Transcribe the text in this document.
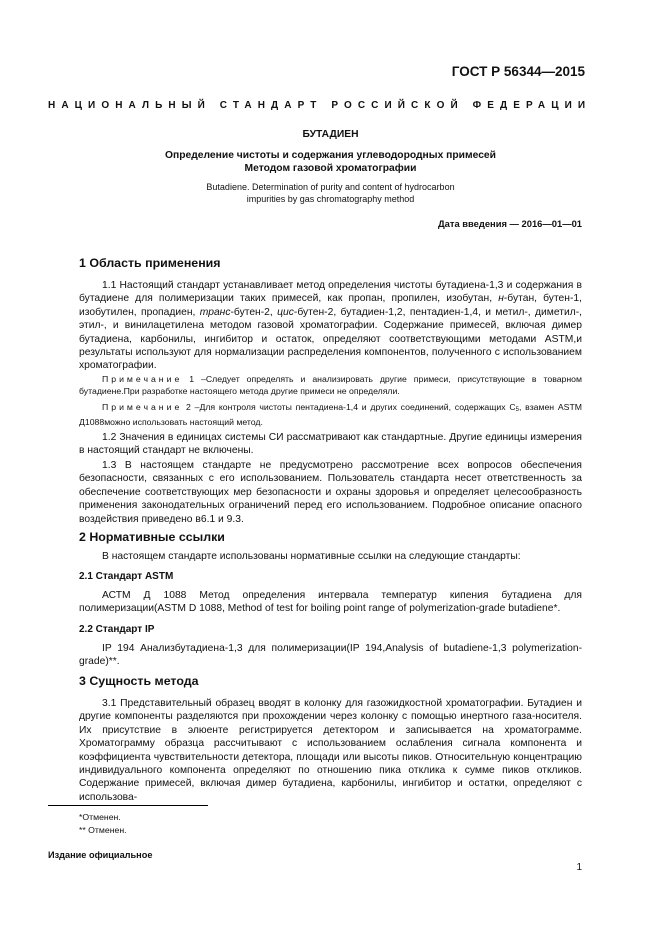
ГОСТ Р 56344—2015
НАЦИОНАЛЬНЫЙ СТАНДАРТ РОССИЙСКОЙ ФЕДЕРАЦИИ
БУТАДИЕН
Определение чистоты и содержания углеводородных примесей
Методом газовой хроматографии
Butadiene. Determination of purity and content of hydrocarbon
impurities by gas chromatography method
Дата введения — 2016—01—01
1 Область применения

1.1 Настоящий стандарт устанавливает метод определения чистоты бутадиена-1,3 и содержания в бутадиене для полимеризации таких примесей, как пропан, пропилен, изобутан, н-бутан, бутен-1, изобутилен, пропадиен, транс-бутен-2, цис-бутен-2, бутадиен-1,2, пентадиен-1,4, и метил-, диметил-, этил-, и винилацетилена методом газовой хроматографии. Содержание примесей, включая димер бутадиена, карбонилы, ингибитор и остаток, определяют соответствующими методами ASTM,и результаты используют для нормализации распределения компонентов, полученного с использованием хроматографии.

Примечание 1 –Следует определять и анализировать другие примеси, присутствующие в товарном бутадиене.При разработке настоящего метода другие примеси не определяли.
Примечание 2 –Для контроля чистоты пентадиена-1,4 и других соединений, содержащих $С_5$, взамен ASTM Д1088можно использовать настоящий метод.

1.2 Значения в единицах системы СИ рассматривают как стандартные. Другие единицы измерения в настоящий стандарт не включены.

1.3 В настоящем стандарте не предусмотрено рассмотрение всех вопросов обеспечения безопасности, связанных с его использованием. Пользователь стандарта несет ответственность за обеспечение соответствующих мер безопасности и охраны здоровья и определяет целесообразность применения законодательных ограничений перед его использованием. Подробное описание опасного воздействия приведено в6.1 и 9.3.

2 Нормативные ссылки

В настоящем стандарте использованы нормативные ссылки на следующие стандарты:

2.1 Стандарт ASTM

АСТМ Д 1088 Метод определения интервала температур кипения бутадиена для полимеризации(ASTM D 1088, Method of test for boiling point range of polymerization-grade butadiene*.

2.2 Стандарт IP

IP 194 Анализбутадиена-1,3 для полимеризации(IP 194,Analysis of butadiene-1,3 polymerization-grade)**.

3 Сущность метода

3.1 Представительный образец вводят в колонку для газожидкостной хроматографии. Бутадиен и другие компоненты разделяются при прохождении через колонку с помощью инертного газа-носителя. Их присутствие в элюенте регистрируется детектором и записывается на хроматограмме. Хроматограмму образца рассчитывают с использованием ослабления сигнала компонента и коэффициента чувствительности детектора, площади или высоты пиков. Относительную концентрацию индивидуального компонента определяют по отношению пика отклика к сумме пиков откликов. Содержание примесей, включая димер бутадиена, карбонилы, ингибитор и остатки, определяют с использова-

*Отменен.
** Отменен.
Издание официальное
1
